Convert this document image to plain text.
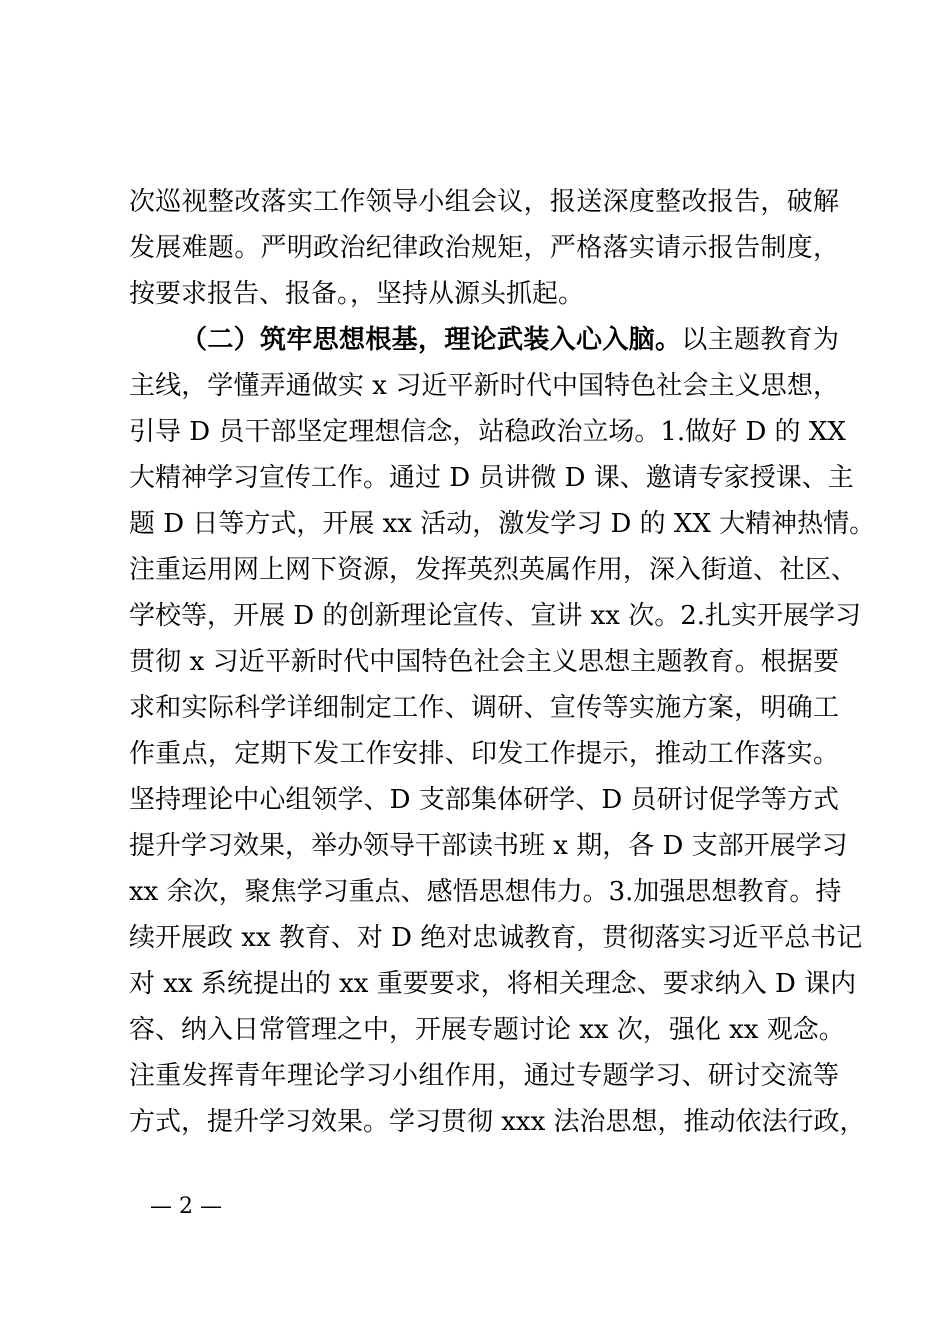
次巡视整改落实工作领导小组会议，报送深度整改报告，破解
发展难题。严明政治纪律政治规矩，严格落实请示报告制度，
按要求报告、报备。，坚持从源头抓起。
（二）筑牢思想根基，理论武装入心入脑。以主题教育为
主线，学懂弄通做实 x 习近平新时代中国特色社会主义思想，
引导 D 员干部坚定理想信念，站稳政治立场。1.做好 D 的 XX
大精神学习宣传工作。通过 D 员讲微 D 课、邀请专家授课、主
题 D 日等方式，开展 xx 活动，激发学习 D 的 XX 大精神热情。
注重运用网上网下资源，发挥英烈英属作用，深入街道、社区、
学校等，开展 D 的创新理论宣传、宣讲 xx 次。2.扎实开展学习
贯彻 x 习近平新时代中国特色社会主义思想主题教育。根据要
求和实际科学详细制定工作、调研、宣传等实施方案，明确工
作重点，定期下发工作安排、印发工作提示，推动工作落实。
坚持理论中心组领学、D 支部集体研学、D 员研讨促学等方式
提升学习效果，举办领导干部读书班 x 期，各 D 支部开展学习
xx 余次，聚焦学习重点、感悟思想伟力。3.加强思想教育。持
续开展政 xx 教育、对 D 绝对忠诚教育，贯彻落实习近平总书记
对 xx 系统提出的 xx 重要要求，将相关理念、要求纳入 D 课内
容、纳入日常管理之中，开展专题讨论 xx 次，强化 xx 观念。
注重发挥青年理论学习小组作用，通过专题学习、研讨交流等
方式，提升学习效果。学习贯彻 xxx 法治思想，推动依法行政，
— 2 —
